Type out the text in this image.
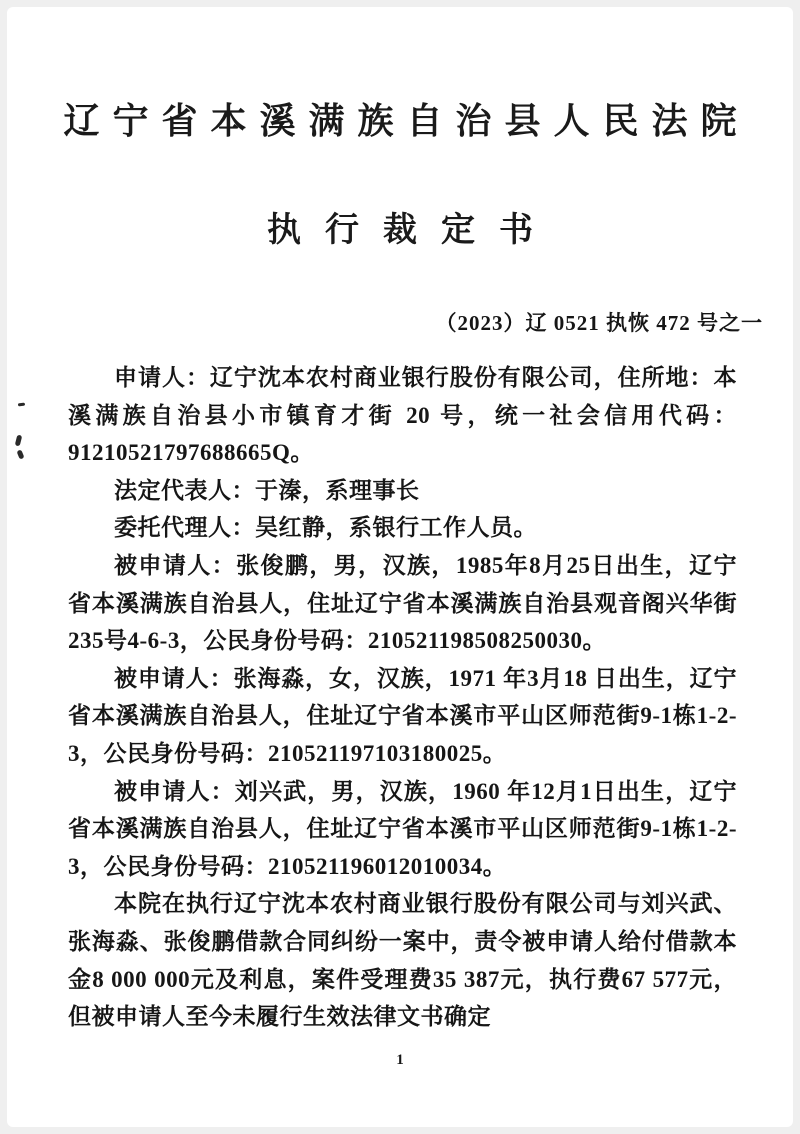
辽宁省本溪满族自治县人民法院
执行裁定书
（2023）辽 0521 执恢 472 号之一

申请人：辽宁沈本农村商业银行股份有限公司，住所地：本溪满族自治县小市镇育才街 20 号，统一社会信用代码：91210521797688665Q。

法定代表人：于溱，系理事长

委托代理人：吴红静，系银行工作人员。

被申请人：张俊鹏，男，汉族，1985年8月25日出生，辽宁省本溪满族自治县人，住址辽宁省本溪满族自治县观音阁兴华街235号4-6-3，公民身份号码：210521198508250030。

被申请人：张海淼，女，汉族，1971 年3月18 日出生，辽宁省本溪满族自治县人，住址辽宁省本溪市平山区师范街9-1栋1-2-3，公民身份号码：210521197103180025。

被申请人：刘兴武，男，汉族，1960 年12月1日出生，辽宁省本溪满族自治县人，住址辽宁省本溪市平山区师范街9-1栋1-2-3，公民身份号码：210521196012010034。

本院在执行辽宁沈本农村商业银行股份有限公司与刘兴武、张海淼、张俊鹏借款合同纠纷一案中，责令被申请人给付借款本金8 000 000元及利息，案件受理费35 387元，执行费67 577元，但被申请人至今未履行生效法律文书确定

1
